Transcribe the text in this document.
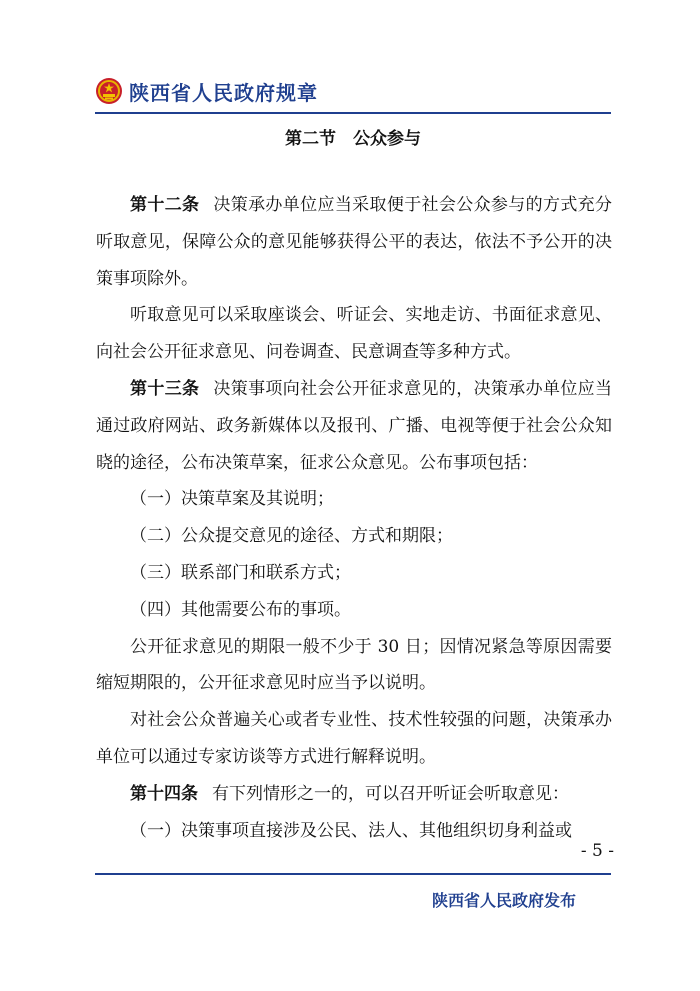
陕西省人民政府规章
第二节　公众参与

第十二条 决策承办单位应当采取便于社会公众参与的方式充分听取意见，保障公众的意见能够获得公平的表达，依法不予公开的决策事项除外。

听取意见可以采取座谈会、听证会、实地走访、书面征求意见、向社会公开征求意见、问卷调查、民意调查等多种方式。

第十三条 决策事项向社会公开征求意见的，决策承办单位应当通过政府网站、政务新媒体以及报刊、广播、电视等便于社会公众知晓的途径，公布决策草案，征求公众意见。公布事项包括：

（一）决策草案及其说明；

（二）公众提交意见的途径、方式和期限；

（三）联系部门和联系方式；

（四）其他需要公布的事项。

公开征求意见的期限一般不少于 30 日；因情况紧急等原因需要缩短期限的，公开征求意见时应当予以说明。

对社会公众普遍关心或者专业性、技术性较强的问题，决策承办单位可以通过专家访谈等方式进行解释说明。

第十四条 有下列情形之一的，可以召开听证会听取意见：

（一）决策事项直接涉及公民、法人、其他组织切身利益或

- 5 -
陕西省人民政府发布
